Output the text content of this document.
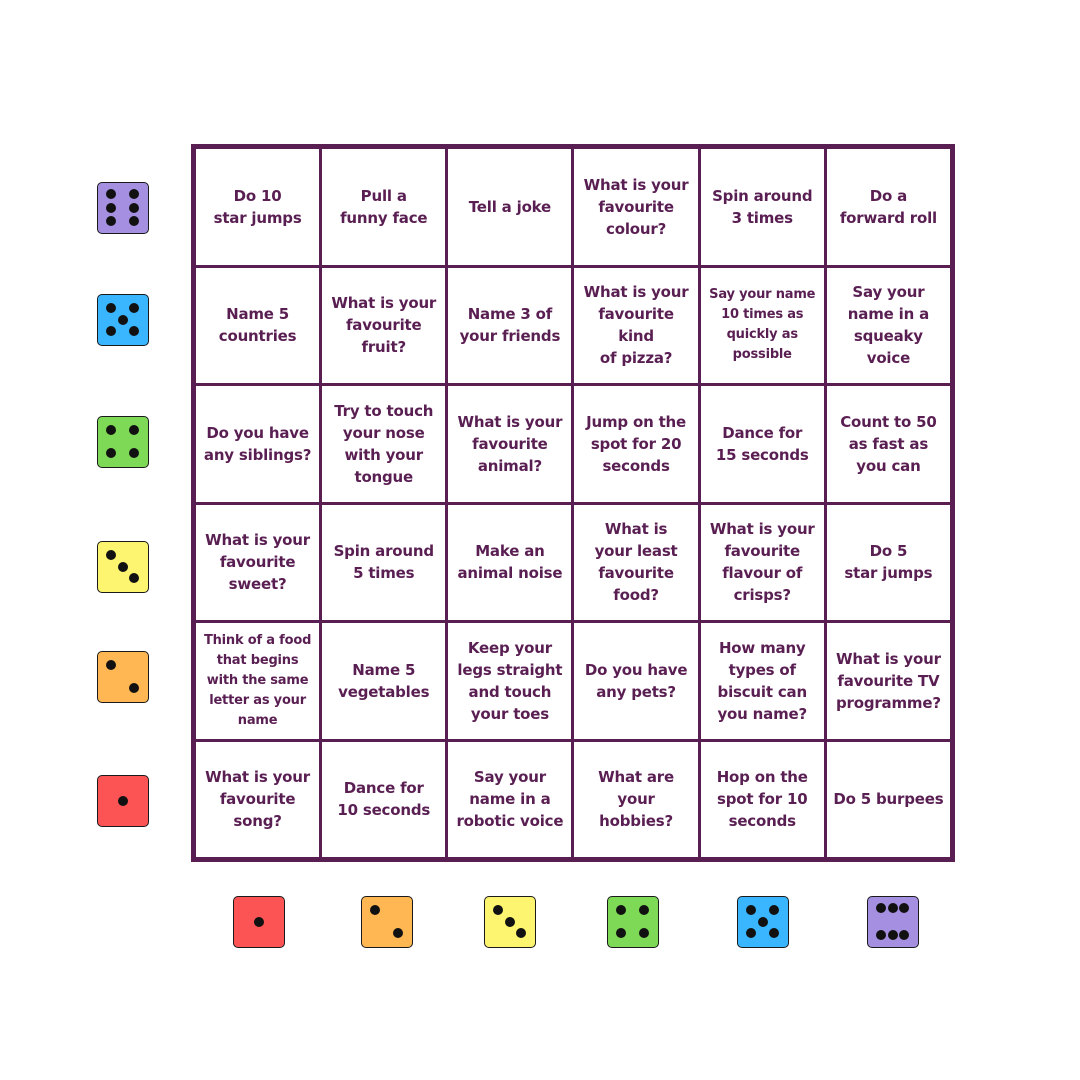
Do 10
star jumps
Pull a
funny face
Tell a joke
What is your
favourite
colour?
Spin around
3 times
Do a
forward roll
Name 5
countries
What is your
favourite
fruit?
Name 3 of
your friends
What is your
favourite kind
of pizza?
Say your name
10 times as
quickly as
possible
Say your
name in a
squeaky
voice
Do you have
any siblings?
Try to touch
your nose
with your
tongue
What is your
favourite
animal?
Jump on the
spot for 20
seconds
Dance for
15 seconds
Count to 50
as fast as
you can
What is your
favourite
sweet?
Spin around
5 times
Make an
animal noise
What is
your least
favourite
food?
What is your
favourite
flavour of
crisps?
Do 5
star jumps
Think of a food
that begins
with the same
letter as your
name
Name 5
vegetables
Keep your
legs straight
and touch
your toes
Do you have
any pets?
How many
types of
biscuit can
you name?
What is your
favourite TV
programme?
What is your
favourite
song?
Dance for
10 seconds
Say your
name in a
robotic voice
What are
your hobbies?
Hop on the
spot for 10
seconds
Do 5 burpees
